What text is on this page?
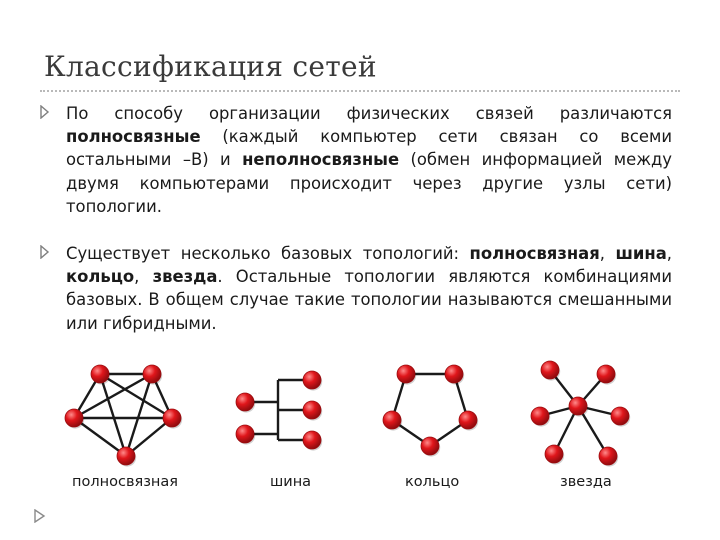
Классификация сетей
По способу организации физических связей различаются полносвязные (каждый компьютер сети связан со всеми остальными –B) и неполносвязные (обмен информацией между двумя компьютерами происходит через другие узлы сети) топологии.
Существует несколько базовых топологий: полносвязная, шина, кольцо, звезда. Остальные топологии являются комбинациями базовых. В общем случае такие топологии называются смешанными или гибридными.
полносвязная	шина	кольцо	звезда
